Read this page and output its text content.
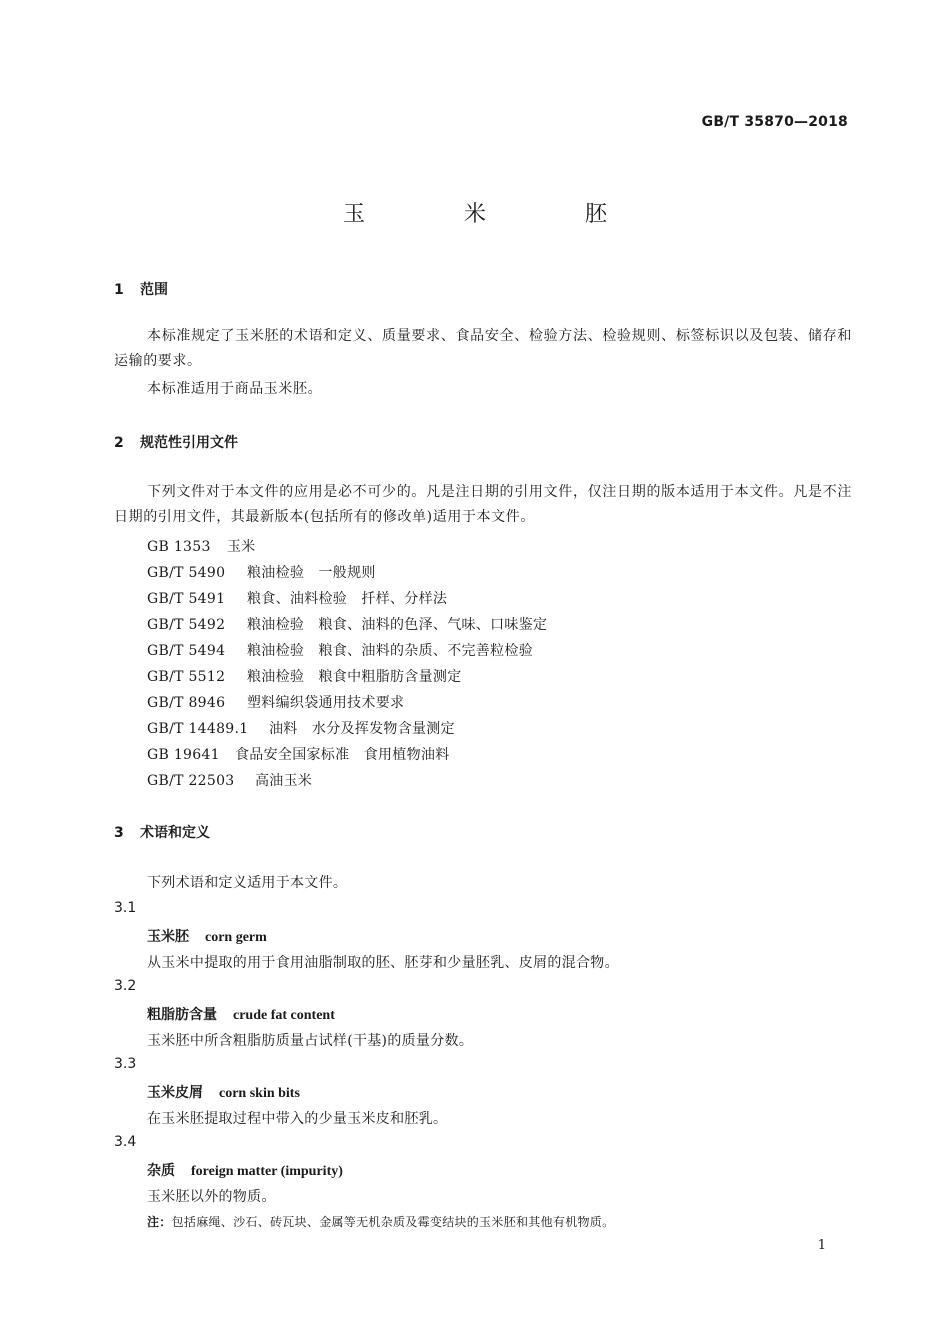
GB/T 35870—2018
玉 米 胚
1 范围
本标准规定了玉米胚的术语和定义、质量要求、食品安全、检验方法、检验规则、标签标识以及包装、储存和运输的要求。
本标准适用于商品玉米胚。
2 规范性引用文件
下列文件对于本文件的应用是必不可少的。凡是注日期的引用文件，仅注日期的版本适用于本文件。凡是不注日期的引用文件，其最新版本(包括所有的修改单)适用于本文件。
GB 1353 玉米
GB/T 5490 粮油检验　一般规则
GB/T 5491 粮食、油料检验　扦样、分样法
GB/T 5492 粮油检验　粮食、油料的色泽、气味、口味鉴定
GB/T 5494 粮油检验　粮食、油料的杂质、不完善粒检验
GB/T 5512 粮油检验　粮食中粗脂肪含量测定
GB/T 8946 塑料编织袋通用技术要求
GB/T 14489.1 油料　水分及挥发物含量测定
GB 19641 食品安全国家标准　食用植物油料
GB/T 22503 高油玉米
3 术语和定义
下列术语和定义适用于本文件。
3.1
玉米胚 corn germ
从玉米中提取的用于食用油脂制取的胚、胚芽和少量胚乳、皮屑的混合物。
3.2
粗脂肪含量 crude fat content
玉米胚中所含粗脂肪质量占试样(干基)的质量分数。
3.3
玉米皮屑 corn skin bits
在玉米胚提取过程中带入的少量玉米皮和胚乳。
3.4
杂质 foreign matter (impurity)
玉米胚以外的物质。
注：包括麻绳、沙石、砖瓦块、金属等无机杂质及霉变结块的玉米胚和其他有机物质。
1
